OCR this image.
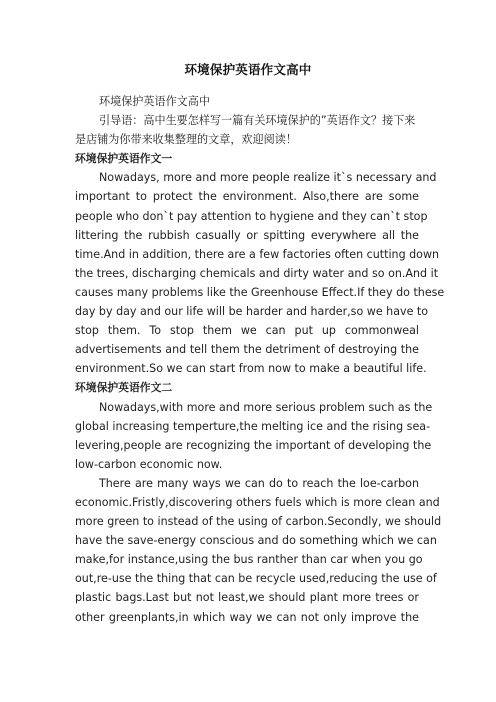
环境保护英语作文高中
环境保护英语作文高中
引导语：高中生要怎样写一篇有关环境保护的”英语作文？接下来
是店铺为你带来收集整理的文章，欢迎阅读！
环境保护英语作文一
Nowadays, more and more people realize it`s necessary and
important to protect the environment. Also,there are some
people who don`t pay attention to hygiene and they can`t stop
littering the rubbish casually or spitting everywhere all the
time.And in addition, there are a few factories often cutting down
the trees, discharging chemicals and dirty water and so on.And it
causes many problems like the Greenhouse Effect.If they do these
day by day and our life will be harder and harder,so we have to
stop them. To stop them we can put up commonweal
advertisements and tell them the detriment of destroying the
environment.So we can start from now to make a beautiful life.
环境保护英语作文二
Nowadays,with more and more serious problem such as the
global increasing temperture,the melting ice and the rising sea-
levering,people are recognizing the important of developing the
low-carbon economic now.
There are many ways we can do to reach the loe-carbon
economic.Fristly,discovering others fuels which is more clean and
more green to instead of the using of carbon.Secondly, we should
have the save-energy conscious and do something which we can
make,for instance,using the bus ranther than car when you go
out,re-use the thing that can be recycle used,reducing the use of
plastic bags.Last but not least,we should plant more trees or
other greenplants,in which way we can not only improve the
